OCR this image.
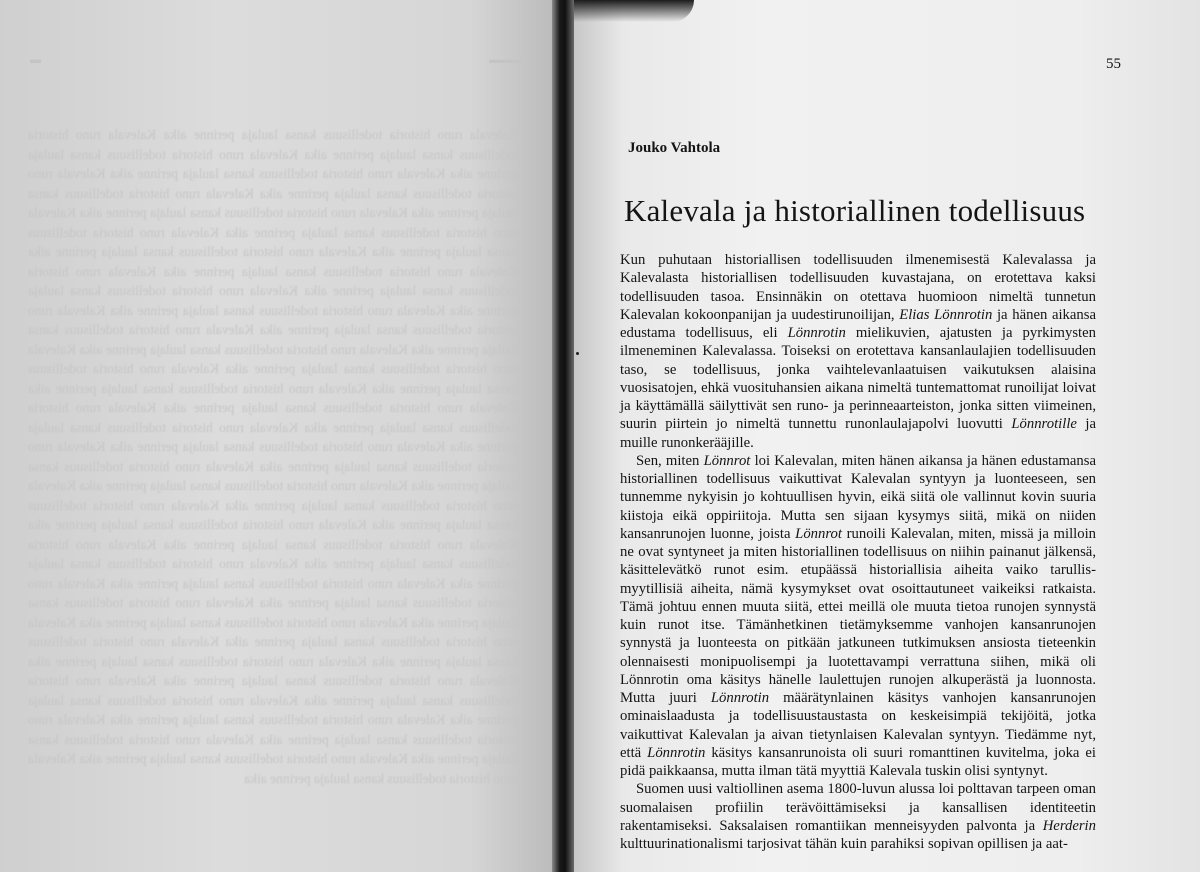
▬	▬▬▬
Kalevala runo historia todellisuus kansa laulaja perinne aika Kalevala runo historia todellisuus kansa laulaja perinne aika Kalevala runo historia todellisuus kansa laulaja perinne aika Kalevala runo historia todellisuus kansa laulaja perinne aika Kalevala runo historia todellisuus kansa laulaja perinne aika Kalevala runo historia todellisuus kansa laulaja perinne aika Kalevala runo historia todellisuus kansa laulaja perinne aika Kalevala runo historia todellisuus kansa laulaja perinne aika Kalevala runo historia todellisuus kansa laulaja perinne aika Kalevala runo historia todellisuus kansa laulaja perinne aika Kalevala runo historia todellisuus kansa laulaja perinne aika Kalevala runo historia todellisuus kansa laulaja perinne aika Kalevala runo historia todellisuus kansa laulaja perinne aika Kalevala runo historia todellisuus kansa laulaja perinne aika Kalevala runo historia todellisuus kansa laulaja perinne aika Kalevala runo historia todellisuus kansa laulaja perinne aika Kalevala runo historia todellisuus kansa laulaja perinne aika Kalevala runo historia todellisuus kansa laulaja perinne aika Kalevala runo historia todellisuus kansa laulaja perinne aika Kalevala runo historia todellisuus kansa laulaja perinne aika Kalevala runo historia todellisuus kansa laulaja perinne aika Kalevala runo historia todellisuus kansa laulaja perinne aika Kalevala runo historia todellisuus kansa laulaja perinne aika Kalevala runo historia todellisuus kansa laulaja perinne aika Kalevala runo historia todellisuus kansa laulaja perinne aika Kalevala runo historia todellisuus kansa laulaja perinne aika Kalevala runo historia todellisuus kansa laulaja perinne aika Kalevala runo historia todellisuus kansa laulaja perinne aika Kalevala runo historia todellisuus kansa laulaja perinne aika Kalevala runo historia todellisuus kansa laulaja perinne aika Kalevala runo historia todellisuus kansa laulaja perinne aika Kalevala runo historia todellisuus kansa laulaja perinne aika Kalevala runo historia todellisuus kansa laulaja perinne aika Kalevala runo historia todellisuus kansa laulaja perinne aika Kalevala runo historia todellisuus kansa laulaja perinne aika Kalevala runo historia todellisuus kansa laulaja perinne aika Kalevala runo historia todellisuus kansa laulaja perinne aika Kalevala runo historia todellisuus kansa laulaja perinne aika Kalevala runo historia todellisuus kansa laulaja perinne aika Kalevala runo historia todellisuus kansa laulaja perinne aika Kalevala runo historia todellisuus kansa laulaja perinne aika Kalevala runo historia todellisuus kansa laulaja perinne aika Kalevala runo historia todellisuus kansa laulaja perinne aika Kalevala runo historia todellisuus kansa laulaja perinne aika Kalevala runo historia todellisuus kansa laulaja perinne aika Kalevala runo historia todellisuus kansa laulaja perinne aika Kalevala runo historia todellisuus kansa laulaja perinne aika Kalevala runo historia todellisuus kansa laulaja perinne aika
55
Jouko Vahtola
Kalevala ja historiallinen todellisuus

Kun puhutaan historiallisen todellisuuden ilmenemisestä Kalevalassa ja Kalevalasta historiallisen todellisuuden kuvastajana, on erotettava kaksi todellisuuden tasoa. Ensinnäkin on otettava huomioon nimeltä tunnetun Kalevalan kokoonpanijan ja uudestirunoilijan, Elias Lönnrotin ja hänen aikansa edustama todellisuus, eli Lönnrotin mielikuvien, ajatusten ja pyrkimysten ilmeneminen Kalevalassa. Toiseksi on erotettava kansanlaulajien todellisuuden taso, se todellisuus, jonka vaihtelevanlaatuisen vaikutuksen alaisina vuosisatojen, ehkä vuosituhansien aikana nimeltä tuntemattomat runoilijat loivat ja käyttämällä säilyttivät sen runo- ja perinneaarteiston, jonka sitten viimeinen, suurin piirtein jo nimeltä tunnettu runonlaulajapolvi luovutti Lönnrotille ja muille runonkerääjille.

Sen, miten Lönnrot loi Kalevalan, miten hänen aikansa ja hänen edustamansa historiallinen todellisuus vaikuttivat Kalevalan syntyyn ja luonteeseen, sen tunnemme nykyisin jo kohtuullisen hyvin, eikä siitä ole vallinnut kovin suuria kiistoja eikä oppiriitoja. Mutta sen sijaan kysymys siitä, mikä on niiden kansanrunojen luonne, joista Lönnrot runoili Kalevalan, miten, missä ja milloin ne ovat syntyneet ja miten historiallinen todellisuus on niihin painanut jälkensä, käsittelevätkö runot esim. etupäässä historiallisia aiheita vaiko tarullis-myytillisiä aiheita, nämä kysymykset ovat osoittautuneet vaikeiksi ratkaista. Tämä johtuu ennen muuta siitä, ettei meillä ole muuta tietoa runojen synnystä kuin runot itse. Tämänhetkinen tietämyksemme vanhojen kansanrunojen synnystä ja luonteesta on pitkään jatkuneen tutkimuksen ansiosta tieteenkin olennaisesti monipuolisempi ja luotettavampi verrattuna siihen, mikä oli Lönnrotin oma käsitys hänelle laulettujen runojen alkuperästä ja luonnosta. Mutta juuri Lönnrotin määrätynlainen käsitys vanhojen kansanrunojen ominaislaadusta ja todellisuustaustasta on keskeisimpiä tekijöitä, jotka vaikuttivat Kalevalan ja aivan tietynlaisen Kalevalan syntyyn. Tiedämme nyt, että Lönnrotin käsitys kansanrunoista oli suuri romanttinen kuvitelma, joka ei pidä paikkaansa, mutta ilman tätä myyttiä Kalevala tuskin olisi syntynyt.

Suomen uusi valtiollinen asema 1800-luvun alussa loi polttavan tarpeen oman suomalaisen profiilin terävöittämiseksi ja kansallisen identiteetin rakentamiseksi. Saksalaisen romantiikan menneisyyden palvonta ja Herderin kulttuurinationalismi tarjosivat tähän kuin parahiksi sopivan opillisen ja aat-
